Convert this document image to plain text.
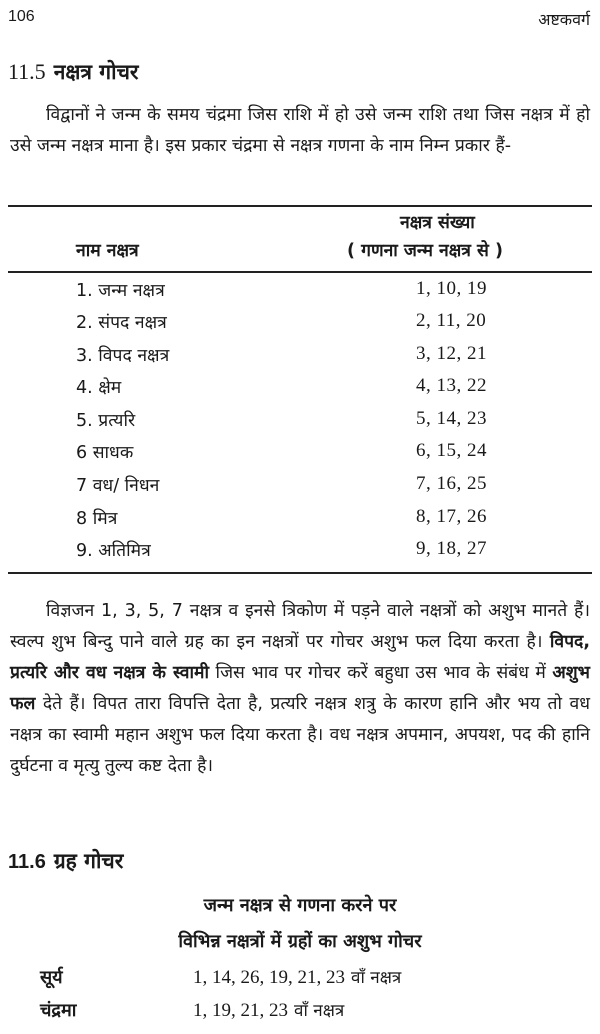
106	अष्टकवर्ग
11.5 नक्षत्र गोचर
विद्वानों ने जन्म के समय चंद्रमा जिस राशि में हो उसे जन्म राशि तथा जिस नक्षत्र में हो उसे जन्म नक्षत्र माना है। इस प्रकार चंद्रमा से नक्षत्र गणना के नाम निम्न प्रकार हैं-
नाम नक्षत्र
नक्षत्र संख्या
( गणना जन्म नक्षत्र से )
1. जन्म नक्षत्र	1, 10, 19
2. संपद नक्षत्र	2, 11, 20
3. विपद नक्षत्र	3, 12, 21
4. क्षेम	4, 13, 22
5. प्रत्यरि	5, 14, 23
6 साधक	6, 15, 24
7 वध/ निधन	7, 16, 25
8 मित्र	8, 17, 26
9. अतिमित्र	9, 18, 27
विज्ञजन 1, 3, 5, 7 नक्षत्र व इनसे त्रिकोण में पड़ने वाले नक्षत्रों को अशुभ मानते हैं। स्वल्प शुभ बिन्दु पाने वाले ग्रह का इन नक्षत्रों पर गोचर अशुभ फल दिया करता है। विपद, प्रत्यरि और वध नक्षत्र के स्वामी जिस भाव पर गोचर करें बहुधा उस भाव के संबंध में अशुभ फल देते हैं। विपत तारा विपत्ति देता है, प्रत्यरि नक्षत्र शत्रु के कारण हानि और भय तो वध नक्षत्र का स्वामी महान अशुभ फल दिया करता है। वध नक्षत्र अपमान, अपयश, पद की हानि दुर्घटना व मृत्यु तुल्य कष्ट देता है।
11.6 ग्रह गोचर
जन्म नक्षत्र से गणना करने पर
विभिन्न नक्षत्रों में ग्रहों का अशुभ गोचर
सूर्य	1, 14, 26, 19, 21, 23 वाँ नक्षत्र
चंद्रमा	1, 19, 21, 23 वाँ नक्षत्र
